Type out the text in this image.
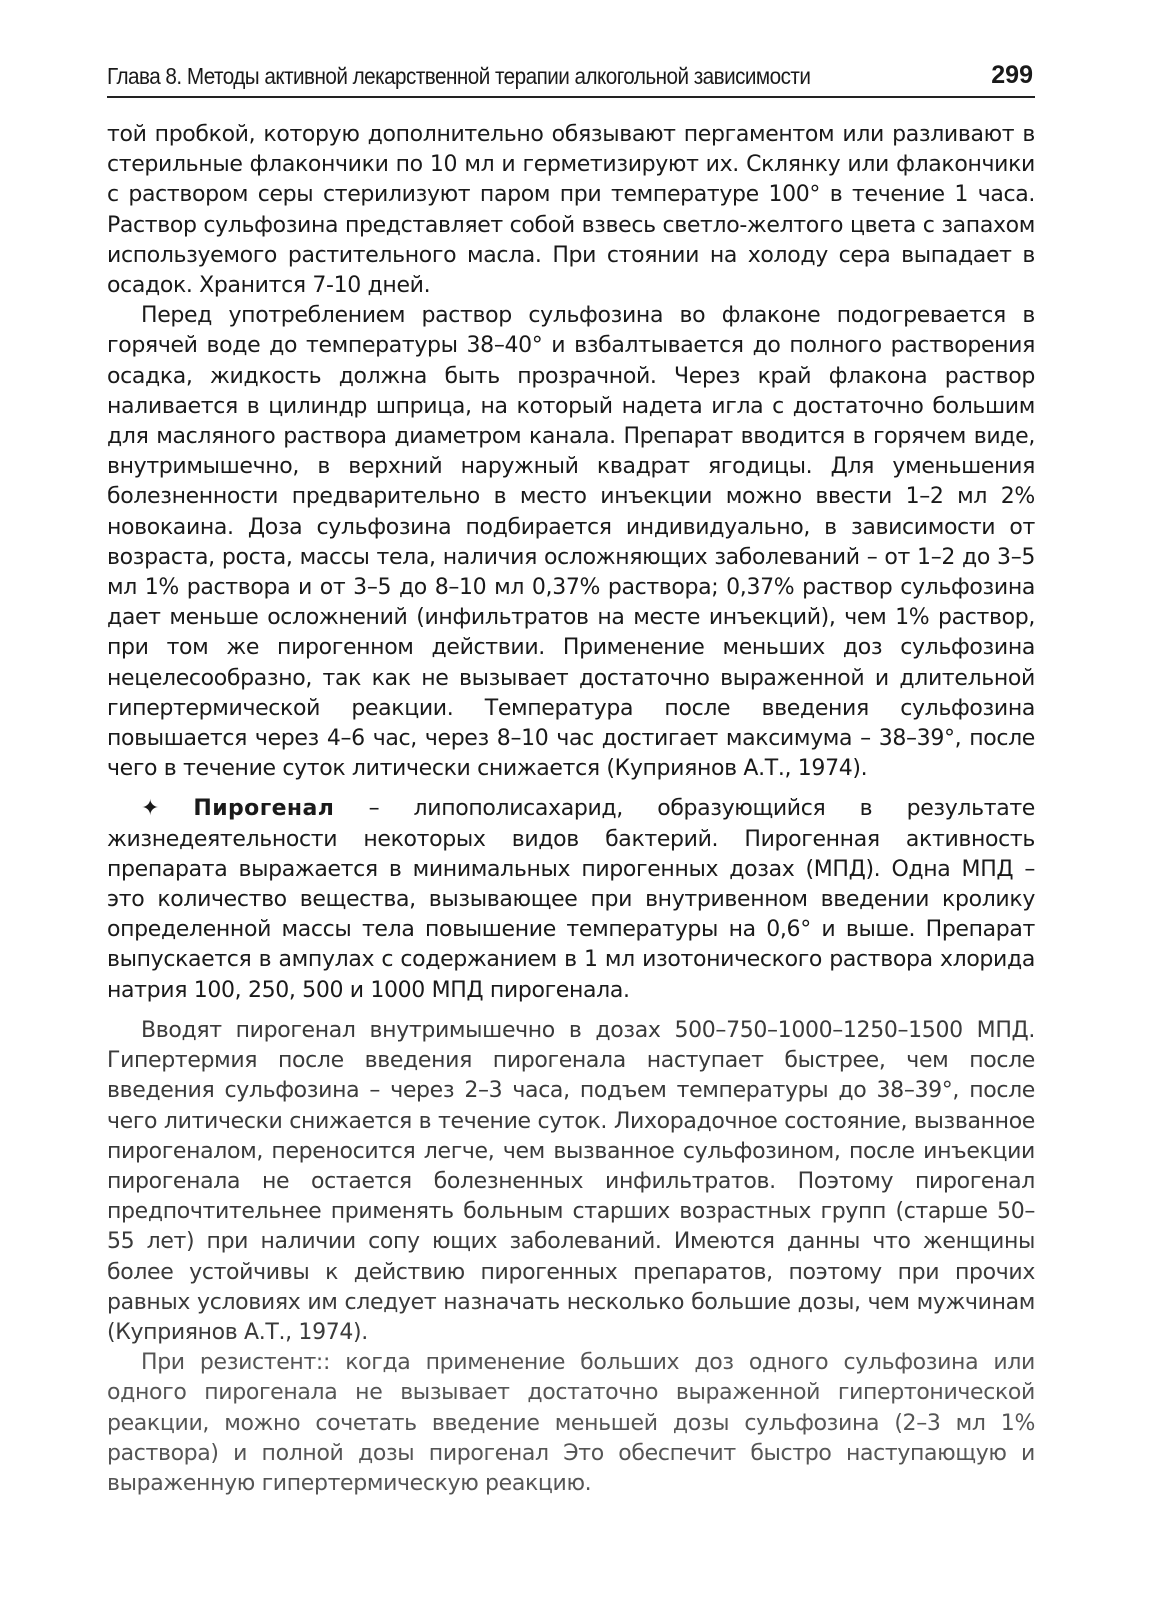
Глава 8. Методы активной лекарственной терапии алкогольной зависимости	299

той пробкой, которую дополнительно обязывают пергаментом или разливают в стерильные флакончики по 10 мл и герметизируют их. Склянку или флакончики с раствором серы стерилизуют паром при температуре 100° в течение 1 часа. Раствор сульфозина представляет собой взвесь светло-желтого цвета с запахом используемого растительного масла. При стоянии на холоду сера выпадает в осадок. Хранится 7-10 дней.

Перед употреблением раствор сульфозина во флаконе подогревается в горячей воде до температуры 38–40° и взбалтывается до полного растворения осадка, жидкость должна быть прозрачной. Через край флакона раствор наливается в цилиндр шприца, на который надета игла с достаточно большим для масляного раствора диаметром канала. Препарат вводится в горячем виде, внутримышечно, в верхний наружный квадрат ягодицы. Для уменьшения болезненности предварительно в место инъекции можно ввести 1–2 мл 2% новокаина. Доза сульфозина подбирается индивидуально, в зависимости от возраста, роста, массы тела, наличия осложняющих заболеваний – от 1–2 до 3–5 мл 1% раствора и от 3–5 до 8–10 мл 0,37% раствора; 0,37% раствор сульфозина дает меньше осложнений (инфильтратов на месте инъекций), чем 1% раствор, при том же пирогенном действии. Применение меньших доз сульфозина нецелесообразно, так как не вызывает достаточно выраженной и длительной гипертермической реакции. Температура после введения сульфозина повышается через 4–6 час, через 8–10 час достигает максимума – 38–39°, после чего в течение суток литически снижается (Куприянов А.Т., 1974).

✦ Пирогенал – липополисахарид, образующийся в результате жизнедеятельности некоторых видов бактерий. Пирогенная активность препарата выражается в минимальных пирогенных дозах (МПД). Одна МПД – это количество вещества, вызывающее при внутривенном введении кролику определенной массы тела повышение температуры на 0,6° и выше. Препарат выпускается в ампулах с содержанием в 1 мл изотонического раствора хлорида натрия 100, 250, 500 и 1000 МПД пирогенала.

Вводят пирогенал внутримышечно в дозах 500–750–1000–1250–1500 МПД. Гипертермия после введения пирогенала наступает быстрее, чем после введения сульфозина – через 2–3 часа, подъем температуры до 38–39°, после чего литически снижается в течение суток. Лихорадочное состояние, вызванное пирогеналом, переносится легче, чем вызванное сульфозином, после инъекции пирогенала не остается болезненных инфильтратов. Поэтому пирогенал предпочтительнее применять больным старших возрастных групп (старше 50–55 лет) при наличии сопу ющих заболеваний. Имеются данны что женщины более устойчивы к действию пирогенных препаратов, поэтому при прочих равных условиях им следует назначать несколько большие дозы, чем мужчинам (Куприянов А.Т., 1974).

При резистент:: когда применение больших доз одного сульфозина или одного пирогенала не вызывает достаточно выраженной гипертонической реакции, можно сочетать введение меньшей дозы сульфозина (2–3 мл 1% раствора) и полной дозы пирогенал Это обеспечит быстро наступающую и выраженную гипертермическую реакцию.
